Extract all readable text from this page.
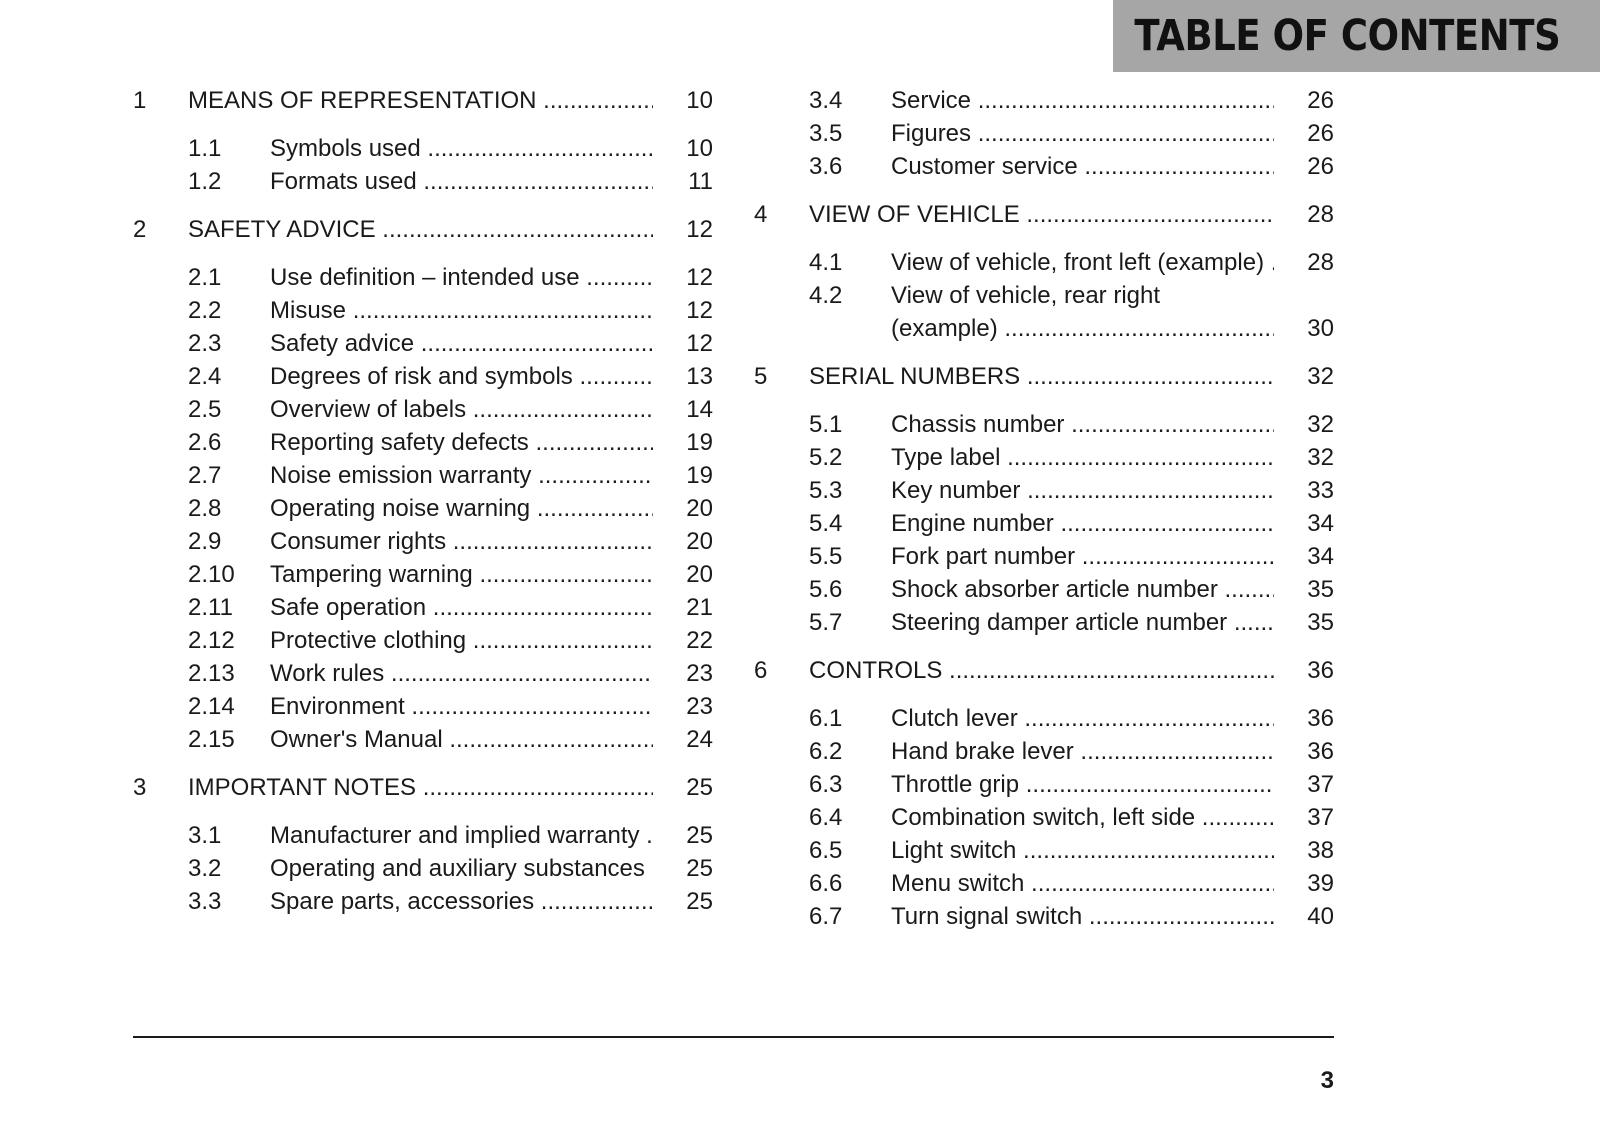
TABLE OF CONTENTS
1 MEANS OF REPRESENTATION .....	10
1.1 Symbols used .....	10
1.2 Formats used .....	11
2 SAFETY ADVICE .....	12
2.1 Use definition – intended use .....	12
2.2 Misuse .....	12
2.3 Safety advice .....	12
2.4 Degrees of risk and symbols .....	13
2.5 Overview of labels .....	14
2.6 Reporting safety defects .....	19
2.7 Noise emission warranty .....	19
2.8 Operating noise warning .....	20
2.9 Consumer rights .....	20
2.10 Tampering warning .....	20
2.11 Safe operation .....	21
2.12 Protective clothing .....	22
2.13 Work rules .....	23
2.14 Environment .....	23
2.15 Owner's Manual .....	24
3 IMPORTANT NOTES .....	25
3.1 Manufacturer and implied warranty .....	25
3.2 Operating and auxiliary substances .....	25
3.3 Spare parts, accessories .....	25
3.4 Service .....	26
3.5 Figures .....	26
3.6 Customer service .....	26
4 VIEW OF VEHICLE .....	28
4.1 View of vehicle, front left (example) .....	28
4.2 View of vehicle, rear right
(example) .....	30
5 SERIAL NUMBERS .....	32
5.1 Chassis number .....	32
5.2 Type label .....	32
5.3 Key number .....	33
5.4 Engine number .....	34
5.5 Fork part number .....	34
5.6 Shock absorber article number .....	35
5.7 Steering damper article number .....	35
6 CONTROLS .....	36
6.1 Clutch lever .....	36
6.2 Hand brake lever .....	36
6.3 Throttle grip .....	37
6.4 Combination switch, left side .....	37
6.5 Light switch .....	38
6.6 Menu switch .....	39
6.7 Turn signal switch .....	40
3
